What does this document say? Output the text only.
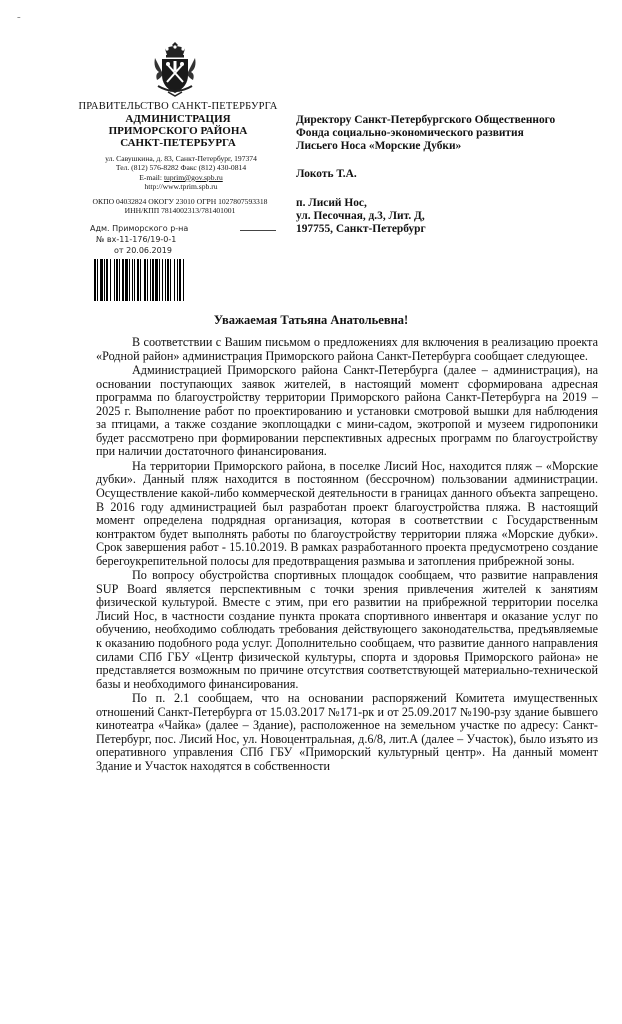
-
ПРАВИТЕЛЬСТВО САНКТ-ПЕТЕРБУРГА
АДМИНИСТРАЦИЯ
ПРИМОРСКОГО РАЙОНА
САНКТ-ПЕТЕРБУРГА
ул. Савушкина, д. 83, Санкт-Петербург, 197374
Тел. (812) 576-8282 Факс (812) 430-0814
E-mail: tuprim@gov.spb.ru
http://www.tprim.spb.ru
ОКПО 04032824 ОКОГУ 23010 ОГРН 1027807593318
ИНН/КПП 7814002313/781401001
Адм. Приморского р-на
№ вх-11-176/19-0-1
от 20.06.2019
Директору Санкт-Петербургского Общественного
Фонда социально-экономического развития
Лисьего Носа «Морские Дубки»
Локоть Т.А.
п. Лисий Нос,
ул. Песочная, д.3, Лит. Д,
197755, Санкт-Петербург
Уважаемая Татьяна Анатольевна!

В соответствии с Вашим письмом о предложениях для включения в реализацию проекта «Родной район» администрация Приморского района Санкт-Петербурга сообщает следующее.

Администрацией Приморского района Санкт-Петербурга (далее – администрация), на основании поступающих заявок жителей, в настоящий момент сформирована адресная программа по благоустройству территории Приморского района Санкт-Петербурга на 2019 – 2025 г. Выполнение работ по проектированию и установки смотровой вышки для наблюдения за птицами, а также создание экоплощадки с мини-садом, экотропой и музеем гидропоники будет рассмотрено при формировании перспективных адресных программ по благоустройству при наличии достаточного финансирования.

На территории Приморского района, в поселке Лисий Нос, находится пляж – «Морские дубки». Данный пляж находится в постоянном (бессрочном) пользовании администрации. Осуществление какой-либо коммерческой деятельности в границах данного объекта запрещено. В 2016 году администрацией был разработан проект благоустройства пляжа. В настоящий момент определена подрядная организация, которая в соответствии с Государственным контрактом будет выполнять работы по благоустройству территории пляжа «Морские дубки». Срок завершения работ - 15.10.2019. В рамках разработанного проекта предусмотрено создание берегоукрепительной полосы для предотвращения размыва и затопления прибрежной зоны.

По вопросу обустройства спортивных площадок сообщаем, что развитие направления SUP Board является перспективным с точки зрения привлечения жителей к занятиям физической культурой. Вместе с этим, при его развитии на прибрежной территории поселка Лисий Нос, в частности создание пункта проката спортивного инвентаря и оказание услуг по обучению, необходимо соблюдать требования действующего законодательства, предъявляемые к оказанию подобного рода услуг. Дополнительно сообщаем, что развитие данного направления силами СПб ГБУ «Центр физической культуры, спорта и здоровья Приморского района» не представляется возможным по причине отсутствия соответствующей материально-технической базы и необходимого финансирования.

По п. 2.1 сообщаем, что на основании распоряжений Комитета имущественных отношений Санкт-Петербурга от 15.03.2017 №171-рк и от 25.09.2017 №190-рзу здание бывшего кинотеатра «Чайка» (далее – Здание), расположенное на земельном участке по адресу: Санкт-Петербург, пос. Лисий Нос, ул. Новоцентральная, д.6/8, лит.А (далее – Участок), было изъято из оперативного управления СПб ГБУ «Приморский культурный центр». На данный момент Здание и Участок находятся в собственности
